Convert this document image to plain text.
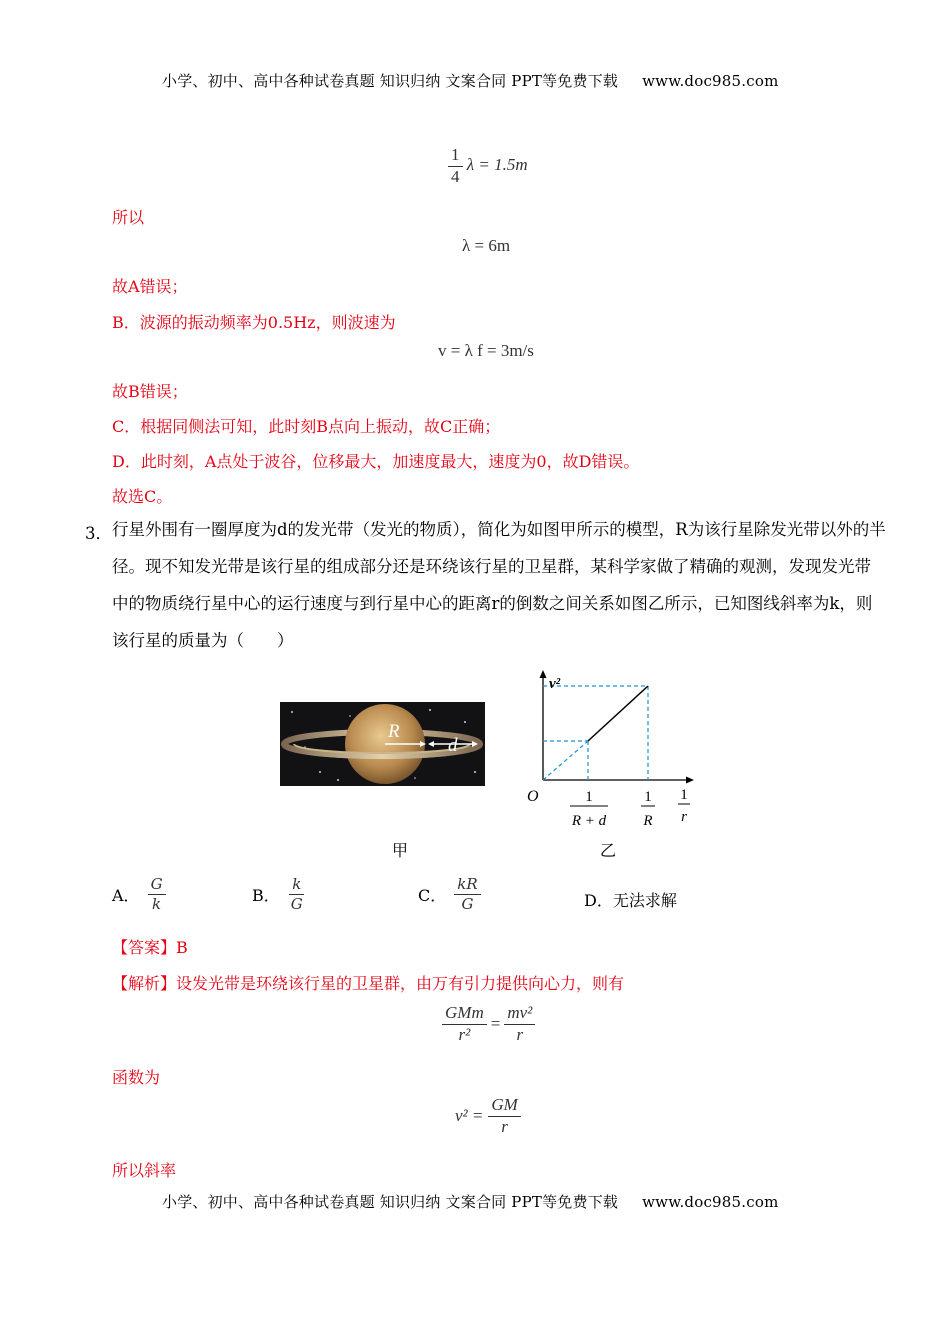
小学、初中、高中各种试卷真题 知识归纳 文案合同 PPT等免费下载 www.doc985.com
$\frac{1}{4}$ λ = 1.5m
所以
λ = 6m
故A错误；
B．波源的振动频率为0.5Hz，则波速为
v = λ f = 3m/s
故B错误；
C．根据同侧法可知，此时刻B点向上振动，故C正确；
D．此时刻，A点处于波谷，位移最大，加速度最大，速度为0，故D错误。
故选C。
3． 行星外围有一圈厚度为d的发光带（发光的物质），简化为如图甲所示的模型，R为该行星除发光带以外的半径。现不知发光带是该行星的组成部分还是环绕该行星的卫星群，某科学家做了精确的观测，发现发光带中的物质绕行星中心的运行速度与到行星中心的距离r的倒数之间关系如图乙所示，已知图线斜率为k，则该行星的质量为（　　）
R
d
v²
O	1
R + d
1
R
1
r
甲	乙
A． $\frac{G}{k}$	B． $\frac{k}{G}$	C． $\frac{kR}{G}$	D． 无法求解
【答案】B
【解析】设发光带是环绕该行星的卫星群，由万有引力提供向心力，则有
$\frac{\text{GMm}}{\text{r²}} = \frac{\text{mv²}}{r}$
函数为
$v^2 = \frac{GM}{r}$
所以斜率
小学、初中、高中各种试卷真题 知识归纳 文案合同 PPT等免费下载 www.doc985.com
